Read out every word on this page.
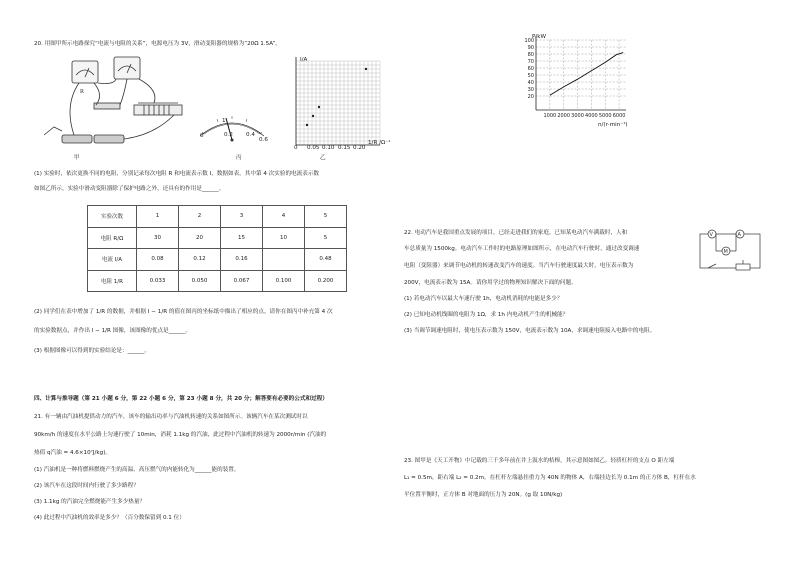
20. 用图甲所示电路探究“电流与电阻的关系”，电源电压为 3V，滑动变阻器的规格为“20Ω 1.5A”。
R
甲
0	0.2 0.4
0.6
1
丙
I/A
1/R /Ω⁻¹
0 0.05 0.10 0.15 0.20
乙
(1) 实验时，依次更换不同的电阻，分别记录每次电阻 R 和电流表示数 I，数据如表，其中第 4 次实验的电流表示数
如图乙所示，实验中滑动变阻器除了保护电路之外，还具有的作用是______。
实验次数	1	2	3	4	5
电阻 R/Ω	30	20	15	10	5
电流 I/A	0.08	0.12	0.16		0.48
电阻 1/R	0.033	0.050	0.067	0.100	0.200
(2) 同学们在表中增加了 1/R 的数据，并根据 I − 1/R 的值在图丙的坐标纸中描出了相应的点，请你在图丙中补充第 4 次
的实验数据点，并作出 I − 1/R 图像，该图像的优点是______。
(3) 根据图像可以得到的实验结论是：______。
四、计算与推导题（第 21 小题 6 分，第 22 小题 6 分，第 23 小题 8 分，共 20 分；解答要有必要的公式和过程）
21. 有一辆由汽油机提供动力的汽车，该车的输出功率与汽油机转速的关系如图所示。该辆汽车在某次测试时以
90km/h 的速度在水平公路上匀速行驶了 10min，消耗 1.1kg 的汽油，此过程中汽油机的转速为 2000r/min (汽油的
热值 q汽油 = 4.6×10⁷J/kg)。
(1) 汽油机是一种将燃料燃烧产生的高温、高压燃气的内能转化为______能的装置。
(2) 该汽车在这段时间内行驶了多少路程？
(3) 1.1kg 的汽油完全燃烧能产生多少热量？
(4) 此过程中汽油机的效率是多少？（百分数保留到 0.1 位）
20
30
40
50
60
70
80
90
100
1000 2000 3000 4000 5000 6000
P/kW
n/(r·min⁻¹)
22. 电动汽车是我国重点发展的项目，已经走进我们的家庭。已知某电动汽车满载时，人和
车总质量为 1500kg。电动汽车工作时的电路原理如图所示，在电动汽车行驶时，通过改变调速
电阻（变阻器）来调节电动机的转速改变汽车的速度。当汽车行驶速度最大时，电压表示数为
200V，电流表示数为 15A。请你用学过的物理知识解决下面的问题。
(1) 若电动汽车以最大车速行驶 1h，电动机消耗的电能是多少？
(2) 已知电动机线圈的电阻为 1Ω，求 1h 内电动机产生的机械能？
(3) 当调节调速电阻时，使电压表示数为 150V，电流表示数为 10A，求调速电阻接入电路中的电阻。
V	A
M
23. 图甲是《天工开物》中记载的三千多年前在井上汲水的桔槔，其示意图如图乙。轻质杠杆的支点 O 距左端
L₁ = 0.5m，距右端 L₂ = 0.2m。在杠杆左端悬挂重力为 40N 的物体 A，右端挂边长为 0.1m 的正方体 B，杠杆在水
平位置平衡时，正方体 B 对地面的压力为 20N。(g 取 10N/kg)
